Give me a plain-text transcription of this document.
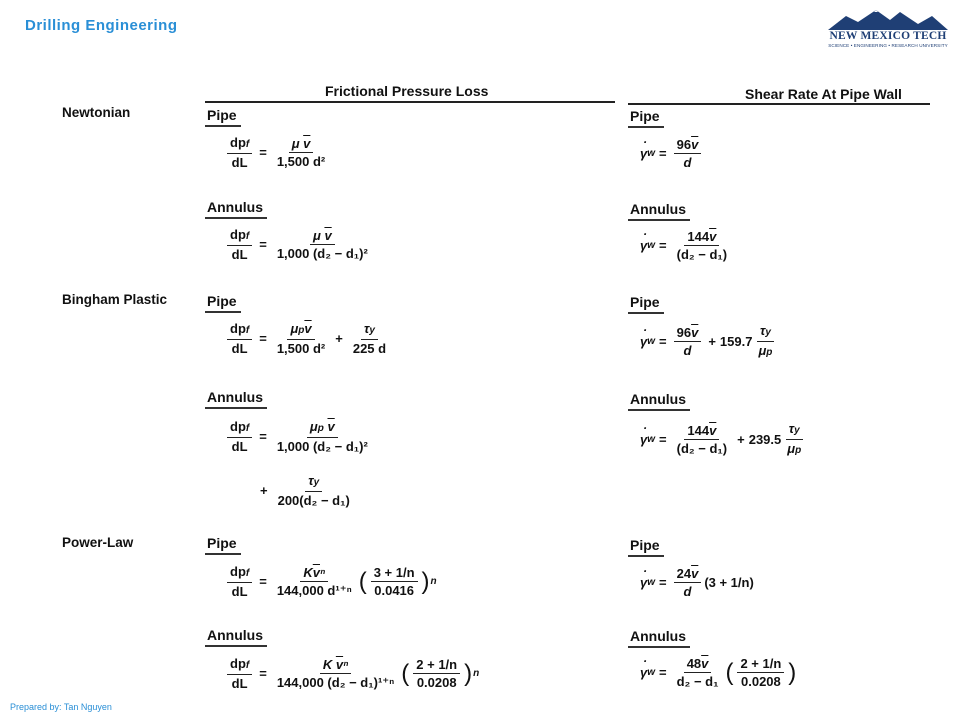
Drilling Engineering
NEW MEXICO TECH
SCIENCE • ENGINEERING • RESEARCH UNIVERSITY
Frictional Pressure Loss	Shear Rate At Pipe Wall
Newtonian
Bingham Plastic
Power-Law
Pipe
Annulus
Pipe
Annulus
Pipe
Annulus
Pipe
Annulus
Pipe
Annulus
Pipe
Annulus
$\frac{\text{dpf}}{dL} = \frac{\mu \overline{v}}{\text{1,500 d²}}$
$\frac{\text{dpf}}{dL} = \frac{\mu \overline{v}}{\text{1,000 (d₂ − d₁)²}}$
· γ $w = \frac{96\overline{v}}{d}$
· γ $w = \frac{144\overline{v}}{\text{(d₂ − d₁)}}$
$\frac{\text{dpf}}{dL} = \frac{\mu p\overline{v}}{\text{1,500 d²}} + \frac{\tau y}{225 d}$
$\frac{\text{dpf}}{dL} = \frac{\mu p \overline{v}}{\text{1,000 (d₂ − d₁)²}}$
+ $\frac{\tau y}{\text{200(d₂ − d₁)}}$
· γ $w = \frac{96\overline{v}}{d} + 159.7 \frac{\tau y}{\mu p}$
· γ $w = \frac{144\overline{v}}{\text{(d₂ − d₁)}} + 239.5 \frac{\tau y}{\mu p}$
$\frac{\text{dpf}}{dL} = \frac{K\overline{v}^n}{\text{144,000 d¹⁺ⁿ}}$ ( $\frac{3 + 1/n}{0.0416}$ ) n
$\frac{\text{dpf}}{dL} = \frac{K \overline{v}^n}{\text{144,000 (d₂ − d₁)¹⁺ⁿ}}$ ( $\frac{2 + 1/n}{0.0208}$ ) n
· γ $w = \frac{24\overline{v}}{d} (3 + 1/n)$
· γ $w = \frac{48\overline{v}}{\text{d₂ − d₁}}$ ( $\frac{2 + 1/n}{0.0208}$ )
Prepared by: Tan Nguyen
